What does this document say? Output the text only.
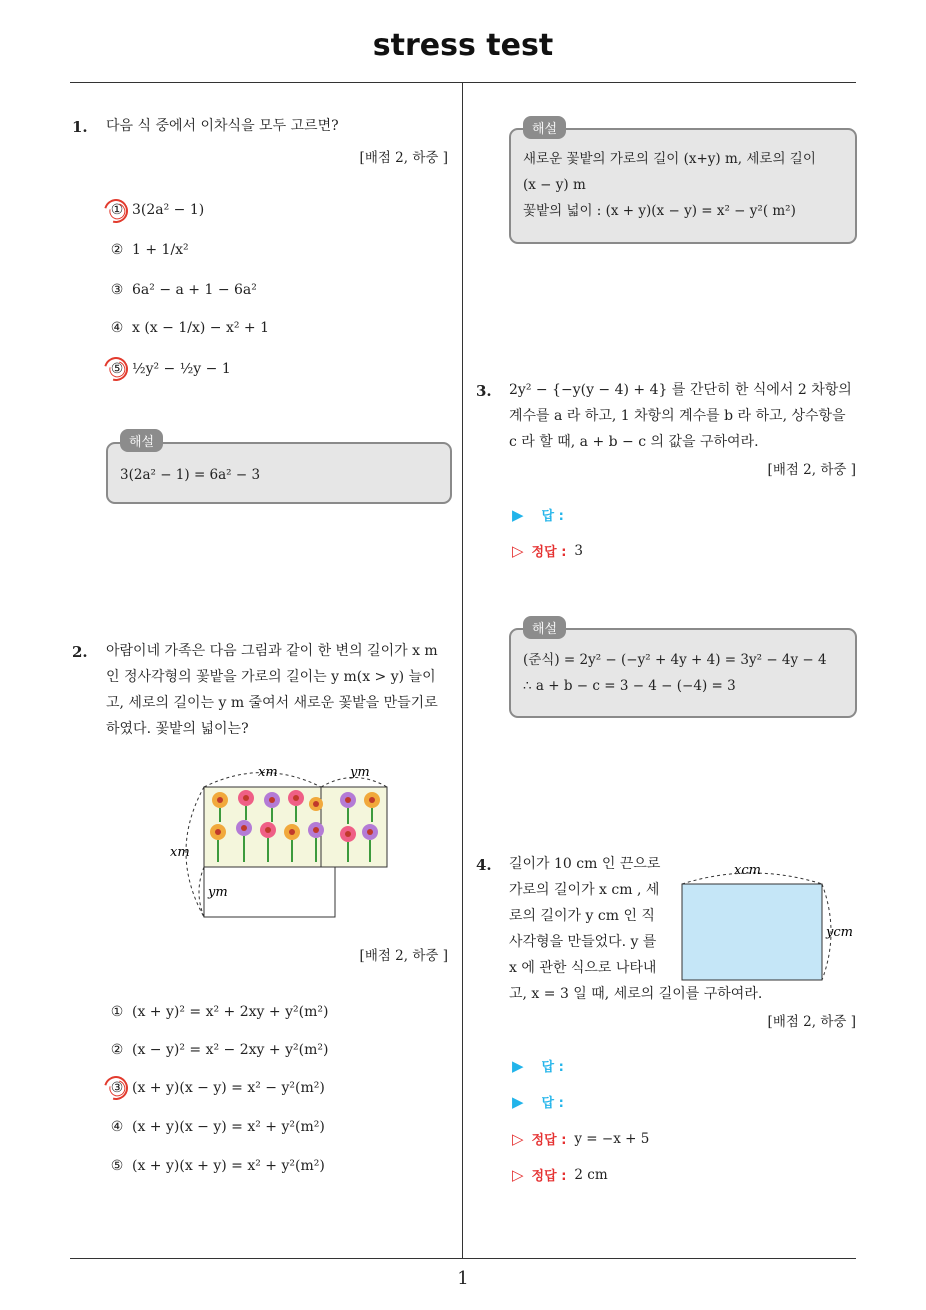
stress test
1. 다음 식 중에서 이차식을 모두 고르면?
[배점 2, 하중 ]
① 3(2a² − 1)
② 1 + 1/x²
③ 6a² − a + 1 − 6a²
④ x (x − 1/x) − x² + 1
⑤ ½y² − ½y − 1
3(2a² − 1) = 6a² − 3
해설
2. 아람이네 가족은 다음 그림과 같이 한 변의 길이가 x m
인 정사각형의 꽃밭을 가로의 길이는 y m(x > y) 늘이
고, 세로의 길이는 y m 줄여서 새로운 꽃밭을 만들기로
하였다. 꽃밭의 넓이는?
xm	ym
xm
ym
[배점 2, 하중 ]
① (x + y)² = x² + 2xy + y²(m²)
② (x − y)² = x² − 2xy + y²(m²)
③ (x + y)(x − y) = x² − y²(m²)
④ (x + y)(x − y) = x² + y²(m²)
⑤ (x + y)(x + y) = x² + y²(m²)
새로운 꽃밭의 가로의 길이 (x+y) m, 세로의 길이
(x − y) m
꽃밭의 넓이 : (x + y)(x − y) = x² − y²( m²)
해설
3. 2y² − {−y(y − 4) + 4} 를 간단히 한 식에서 2 차항의
계수를 a 라 하고, 1 차항의 계수를 b 라 하고, 상수항을
c 라 할 때, a + b − c 의 값을 구하여라.
[배점 2, 하중 ]
▶ 답 :
▷ 정답 : 3
(준식) = 2y² − (−y² + 4y + 4) = 3y² − 4y − 4
∴ a + b − c = 3 − 4 − (−4) = 3
해설
4. 길이가 10 cm 인 끈으로
가로의 길이가 x cm , 세
로의 길이가 y cm 인 직
사각형을 만들었다. y 를
x 에 관한 식으로 나타내
고, x = 3 일 때, 세로의 길이를 구하여라.
xcm
ycm
[배점 2, 하중 ]
▶ 답 :
▶ 답 :
▷ 정답 : y = −x + 5
▷ 정답 : 2 cm
1
